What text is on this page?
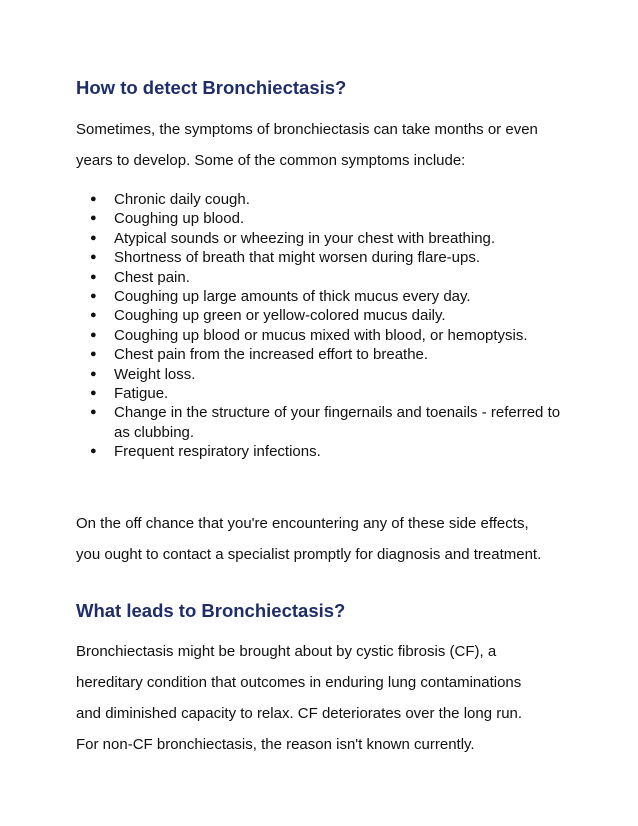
How to detect Bronchiectasis?

Sometimes, the symptoms of bronchiectasis can take months or even
years to develop. Some of the common symptoms include:

● Chronic daily cough.
● Coughing up blood.
● Atypical sounds or wheezing in your chest with breathing.
● Shortness of breath that might worsen during flare-ups.
● Chest pain.
● Coughing up large amounts of thick mucus every day.
● Coughing up green or yellow-colored mucus daily.
● Coughing up blood or mucus mixed with blood, or hemoptysis.
● Chest pain from the increased effort to breathe.
● Weight loss.
● Fatigue.
● Change in the structure of your fingernails and toenails - referred to as clubbing.
● Frequent respiratory infections.

On the off chance that you're encountering any of these side effects,
you ought to contact a specialist promptly for diagnosis and treatment.

What leads to Bronchiectasis?

Bronchiectasis might be brought about by cystic fibrosis (CF), a
hereditary condition that outcomes in enduring lung contaminations
and diminished capacity to relax. CF deteriorates over the long run.
For non-CF bronchiectasis, the reason isn't known currently.
